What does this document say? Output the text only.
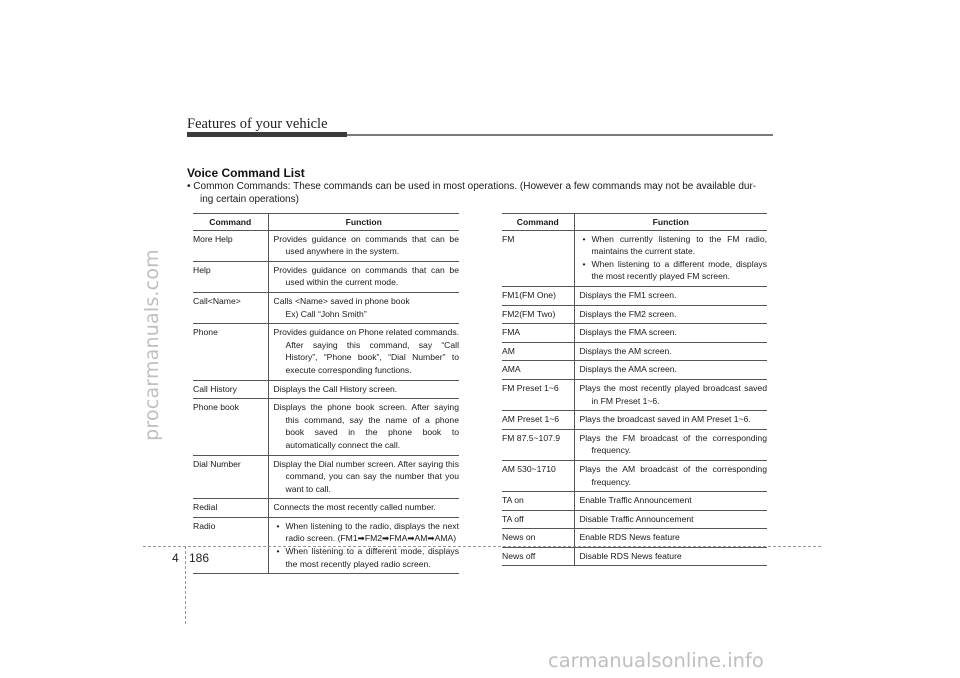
procarmanuals.com
Features of your vehicle
Voice Command List
• Common Commands: These commands can be used in most operations. (However a few commands may not be available dur-
ing certain operations)
Command	Function
More Help	Provides guidance on commands that can be used anywhere in the system.

Help	Provides guidance on commands that can be used within the current mode.

Call<Name>	Calls <Name> saved in phone book
Ex) Call “John Smith”

Phone	Provides guidance on Phone related commands. After saying this command, say “Call History”, “Phone book”, “Dial Number” to execute corresponding functions.

Call History	Displays the Call History screen.

Phone book	Displays the phone book screen. After saying this command, say the name of a phone book saved in the phone book to automatically connect the call.

Dial Number	Display the Dial number screen. After saying this command, you can say the number that you want to call.

Redial	Connects the most recently called number.

Radio	• When listening to the radio, displays the next radio screen. (FM1➡FM2➡FMA➡AM➡AMA)
• When listening to a different mode, displays the most recently played radio screen.
Command	Function
FM	• When currently listening to the FM radio, maintains the current state.
• When listening to a different mode, displays the most recently played FM screen.

FM1(FM One)	Displays the FM1 screen.

FM2(FM Two)	Displays the FM2 screen.

FMA	Displays the FMA screen.

AM	Displays the AM screen.

AMA	Displays the AMA screen.

FM Preset 1~6	Plays the most recently played broadcast saved in FM Preset 1~6.

AM Preset 1~6	Plays the broadcast saved in AM Preset 1~6.

FM 87.5~107.9	Plays the FM broadcast of the corresponding frequency.

AM 530~1710	Plays the AM broadcast of the corresponding frequency.

TA on	Enable Traffic Announcement

TA off	Disable Traffic Announcement

News on	Enable RDS News feature

News off	Disable RDS News feature
4 186
carmanualsonline.info
